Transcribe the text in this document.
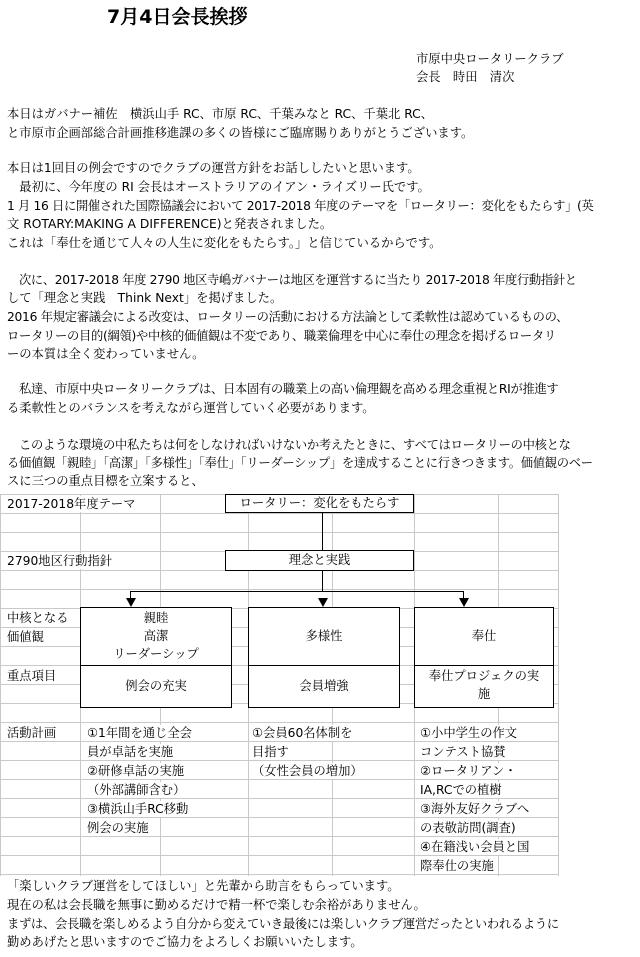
7月4日会長挨拶
市原中央ロータリークラブ
会長　時田　清次
本日はガバナー補佐　横浜山手 RC、市原 RC、千葉みなと RC、千葉北 RC、
と市原市企画部総合計画推移進課の多くの皆様にご臨席賜りありがとうございます。
本日は1回目の例会ですのでクラブの運営方針をお話ししたいと思います。
　最初に、今年度の RI 会長はオーストラリアのイアン・ライズリー氏です。
1 月 16 日に開催された国際協議会において 2017-2018 年度のテーマを「ロータリー：変化をもたらす」(英
文 ROTARY:MAKING A DIFFERENCE)と発表されました。
これは「奉仕を通じて人々の人生に変化をもたらす。」と信じているからです。
　次に、2017-2018 年度 2790 地区寺嶋ガバナーは地区を運営するに当たり 2017-2018 年度行動指針と
して「理念と実践　Think Next」を掲げました。
2016 年規定審議会による改変は、ロータリーの活動における方法論として柔軟性は認めているものの、
ロータリーの目的(綱領)や中核的価値観は不変であり、職業倫理を中心に奉仕の理念を掲げるロータリ
ーの本質は全く変わっていません。
　私達、市原中央ロータリークラブは、日本固有の職業上の高い倫理観を高める理念重視とRIが推進す
る柔軟性とのバランスを考えながら運営していく必要があります。
　このような環境の中私たちは何をしなければいけないか考えたときに、すべてはロータリーの中核とな
る価値観「親睦」「高潔」「多様性」「奉仕」「リーダーシップ」を達成することに行きつきます。価値観のベー
スに三つの重点目標を立案すると、
2017-2018年度テーマ
2790地区行動指針
中核となる
価値観
重点項目
活動計画
ロータリー：変化をもたらす
理念と実践
親睦
高潔
リーダーシップ
多様性	奉仕
例会の充実	会員増強
奉仕プロジェクの実
施
①1年間を通じ全会
員が卓話を実施
②研修卓話の実施
（外部講師含む）
③横浜山手RC移動
例会の実施
①会員60名体制を
目指す
（女性会員の増加）
①小中学生の作文
コンテスト協賛
②ロータリアン・
IA,RCでの植樹
③海外友好クラブへ
の表敬訪問(調査)
④在籍浅い会員と国
際奉仕の実施
「楽しいクラブ運営をしてほしい」と先輩から助言をもらっています。
現在の私は会長職を無事に勤めるだけで精一杯で楽しむ余裕がありません。
まずは、会長職を楽しめるよう自分から変えていき最後には楽しいクラブ運営だったといわれるように
勤めあげたと思いますのでご協力をよろしくお願いいたします。
